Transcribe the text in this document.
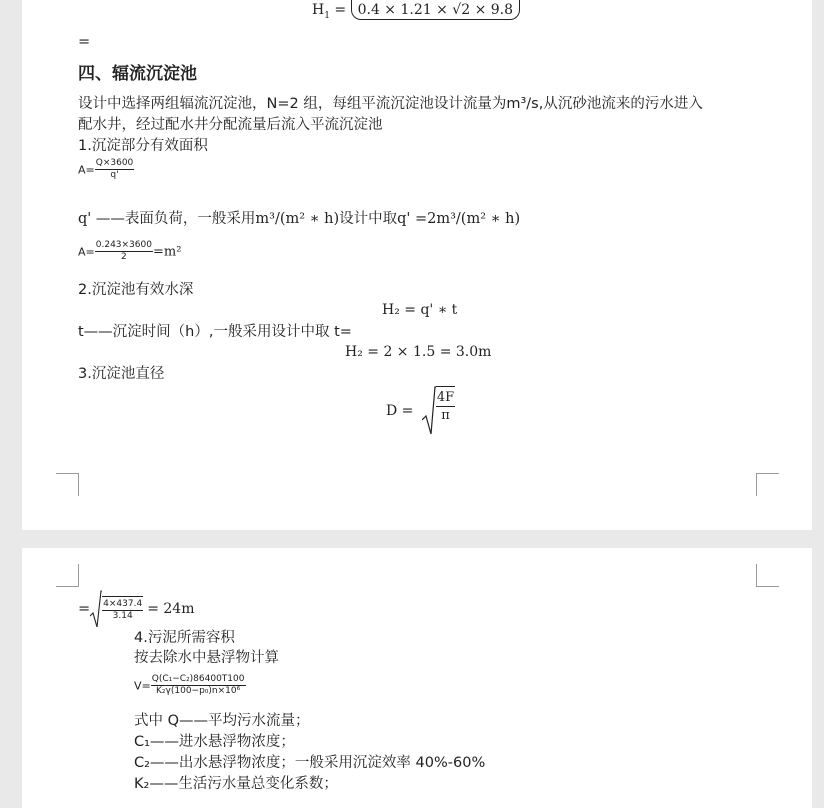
$H_1 = 0.4 \times 1.21 \times √2 \times 9.8$
=
四、辐流沉淀池
设计中选择两组辐流沉淀池，N=2 组，每组平流沉淀池设计流量为m³/s,从沉砂池流来的污水进入
配水井，经过配水井分配流量后流入平流沉淀池
1.沉淀部分有效面积
$A= \frac{Q\times 3600}{q'}$
q' ——表面负荷，一般采用m³/(m² ∗ h)设计中取q' =2m³/(m² ∗ h)
$A= \frac{0.243\times 3600}{2} =m^2$
2.沉淀池有效水深
H₂ = q' ∗ t
t——沉淀时间（h）,一般采用设计中取 t=
H₂ = 2 × 1.5 = 3.0m
3.沉淀池直径
$D = \frac{4F}{\pi}$
= $\frac{4\times 437.4}{3.14} = 24m$
4.污泥所需容积
按去除水中悬浮物计算
$V= \frac{\text{Q(C₁−C₂)86400T100}}{\text{K₂γ(100−p₀)n×10⁶}}$
式中 Q——平均污水流量；
C₁——进水悬浮物浓度；
C₂——出水悬浮物浓度；一般采用沉淀效率 40%-60%
K₂——生活污水量总变化系数；
